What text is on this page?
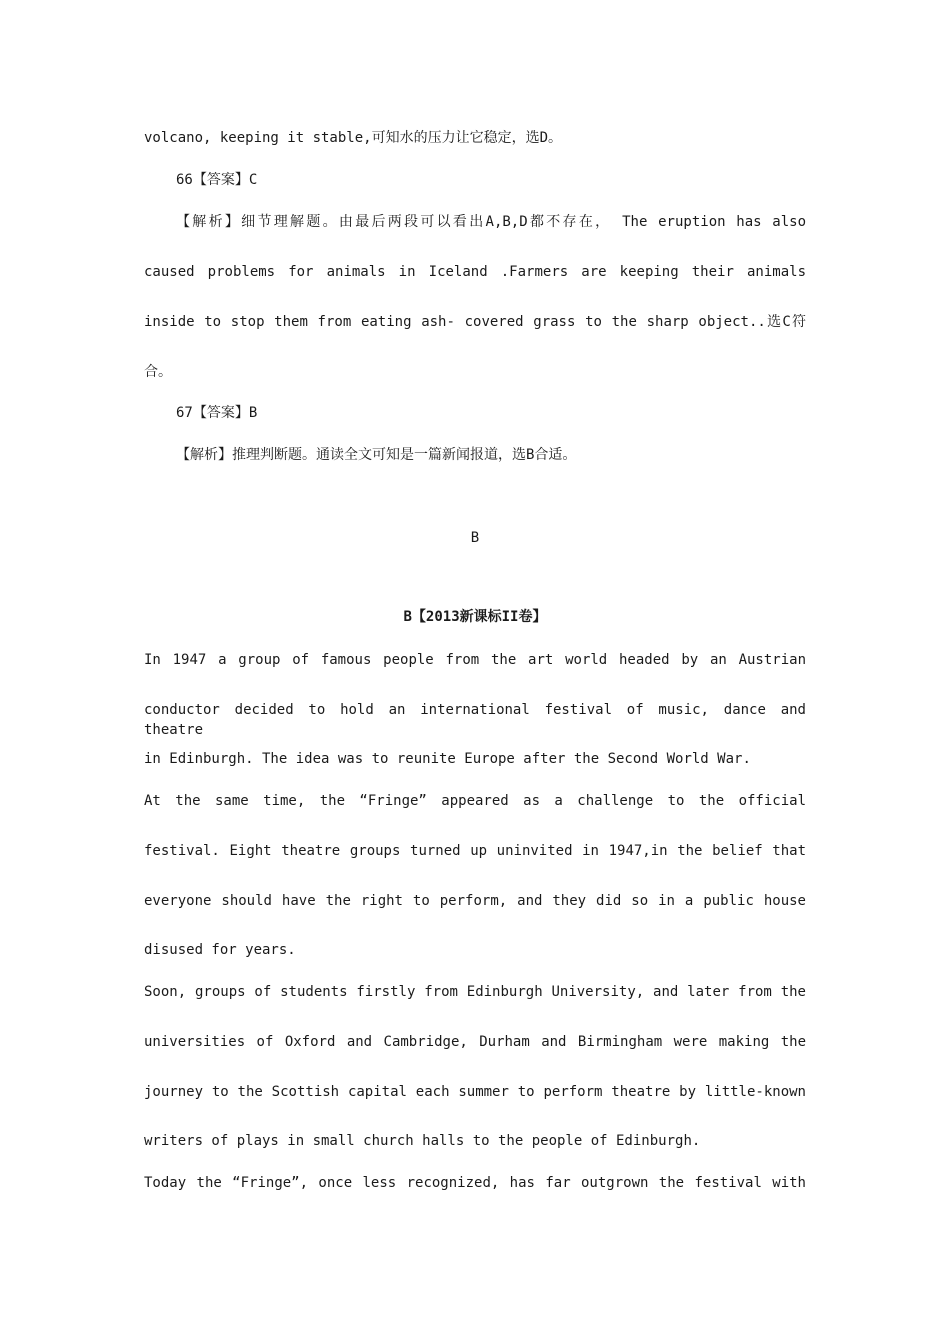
volcano, keeping it stable,可知水的压力让它稳定，选D。
66【答案】C
【解析】细节理解题。由最后两段可以看出A,B,D都不存在， The eruption has also
caused problems for animals in Iceland .Farmers are keeping their animals
inside to stop them from eating ash- covered grass to the sharp object..选C符
合。
67【答案】B
【解析】推理判断题。通读全文可知是一篇新闻报道，选B合适。
B
B【2013新课标II卷】
In 1947 a group of famous people from the art world headed by an Austrian
conductor decided to hold an international festival of music, dance and theatre
in Edinburgh. The idea was to reunite Europe after the Second World War.
At the same time, the “Fringe” appeared as a challenge to the official
festival. Eight theatre groups turned up uninvited in 1947,in the belief that
everyone should have the right to perform, and they did so in a public house
disused for years.
Soon, groups of students firstly from Edinburgh University, and later from the
universities of Oxford and Cambridge, Durham and Birmingham were making the
journey to the Scottish capital each summer to perform theatre by little-known
writers of plays in small church halls to the people of Edinburgh.
Today the “Fringe”, once less recognized, has far outgrown the festival with
